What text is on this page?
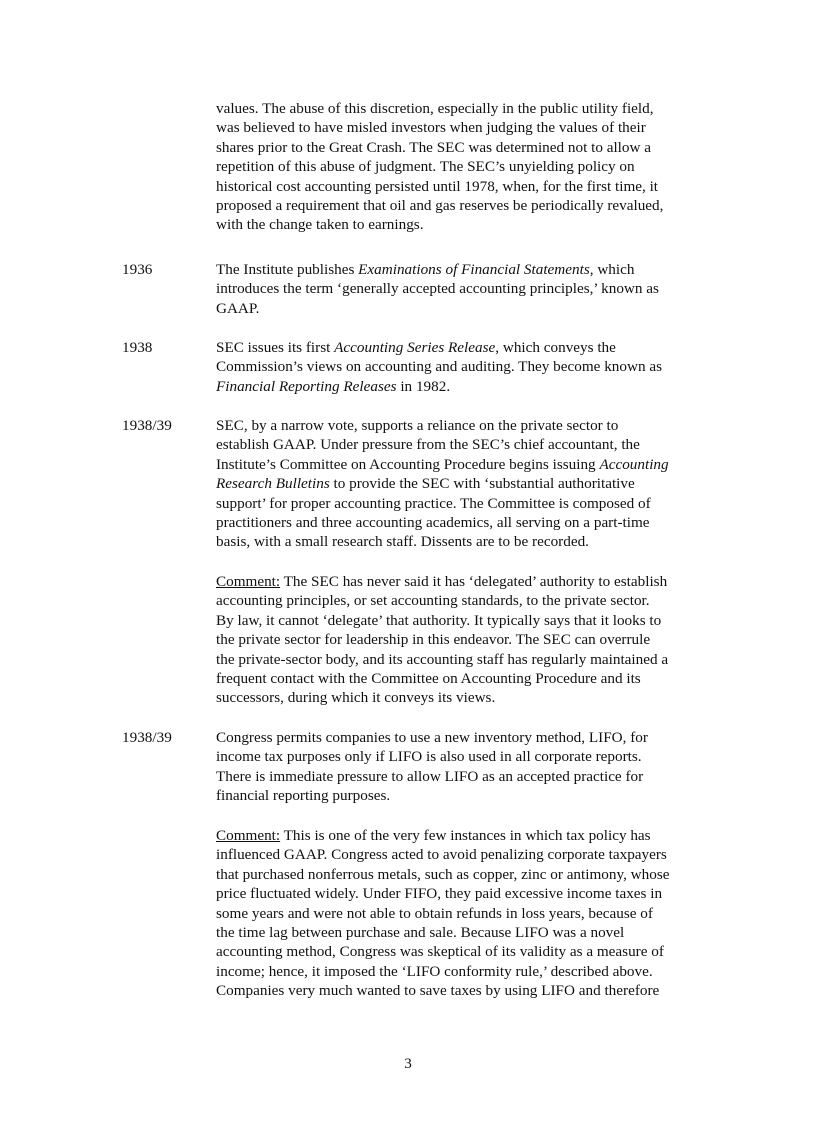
values. The abuse of this discretion, especially in the public utility field,
was believed to have misled investors when judging the values of their
shares prior to the Great Crash. The SEC was determined not to allow a
repetition of this abuse of judgment. The SEC’s unyielding policy on
historical cost accounting persisted until 1978, when, for the first time, it
proposed a requirement that oil and gas reserves be periodically revalued,
with the change taken to earnings.
1936	The Institute publishes Examinations of Financial Statements, which
introduces the term ‘generally accepted accounting principles,’ known as
GAAP.
1938	SEC issues its first Accounting Series Release, which conveys the
Commission’s views on accounting and auditing. They become known as
Financial Reporting Releases in 1982.
1938/39	SEC, by a narrow vote, supports a reliance on the private sector to
establish GAAP. Under pressure from the SEC’s chief accountant, the
Institute’s Committee on Accounting Procedure begins issuing Accounting
Research Bulletins to provide the SEC with ‘substantial authoritative
support’ for proper accounting practice. The Committee is composed of
practitioners and three accounting academics, all serving on a part-time
basis, with a small research staff. Dissents are to be recorded.
Comment: The SEC has never said it has ‘delegated’ authority to establish
accounting principles, or set accounting standards, to the private sector.
By law, it cannot ‘delegate’ that authority. It typically says that it looks to
the private sector for leadership in this endeavor. The SEC can overrule
the private-sector body, and its accounting staff has regularly maintained a
frequent contact with the Committee on Accounting Procedure and its
successors, during which it conveys its views.
1938/39	Congress permits companies to use a new inventory method, LIFO, for
income tax purposes only if LIFO is also used in all corporate reports.
There is immediate pressure to allow LIFO as an accepted practice for
financial reporting purposes.
Comment: This is one of the very few instances in which tax policy has
influenced GAAP. Congress acted to avoid penalizing corporate taxpayers
that purchased nonferrous metals, such as copper, zinc or antimony, whose
price fluctuated widely. Under FIFO, they paid excessive income taxes in
some years and were not able to obtain refunds in loss years, because of
the time lag between purchase and sale. Because LIFO was a novel
accounting method, Congress was skeptical of its validity as a measure of
income; hence, it imposed the ‘LIFO conformity rule,’ described above.
Companies very much wanted to save taxes by using LIFO and therefore
3
